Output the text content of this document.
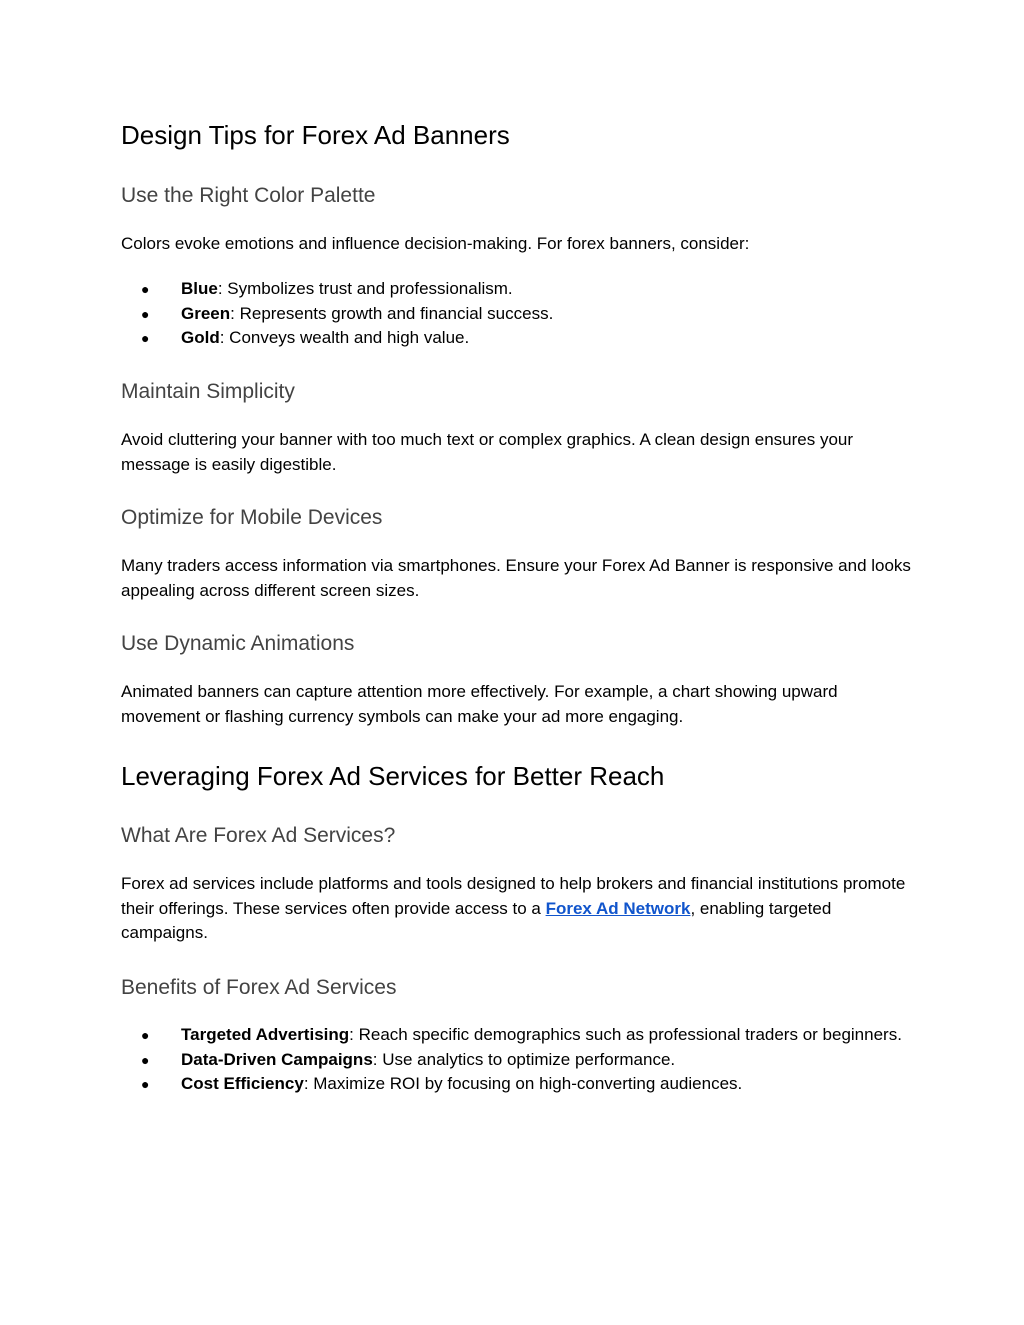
Design Tips for Forex Ad Banners
Use the Right Color Palette

Colors evoke emotions and influence decision-making. For forex banners, consider:

● Blue: Symbolizes trust and professionalism.
● Green: Represents growth and financial success.
● Gold: Conveys wealth and high value.
Maintain Simplicity

Avoid cluttering your banner with too much text or complex graphics. A clean design ensures your message is easily digestible.

Optimize for Mobile Devices

Many traders access information via smartphones. Ensure your Forex Ad Banner is responsive and looks appealing across different screen sizes.

Use Dynamic Animations

Animated banners can capture attention more effectively. For example, a chart showing upward movement or flashing currency symbols can make your ad more engaging.

Leveraging Forex Ad Services for Better Reach
What Are Forex Ad Services?

Forex ad services include platforms and tools designed to help brokers and financial institutions promote their offerings. These services often provide access to a Forex Ad Network, enabling targeted campaigns.

Benefits of Forex Ad Services
● Targeted Advertising: Reach specific demographics such as professional traders or beginners.
● Data-Driven Campaigns: Use analytics to optimize performance.
● Cost Efficiency: Maximize ROI by focusing on high-converting audiences.
